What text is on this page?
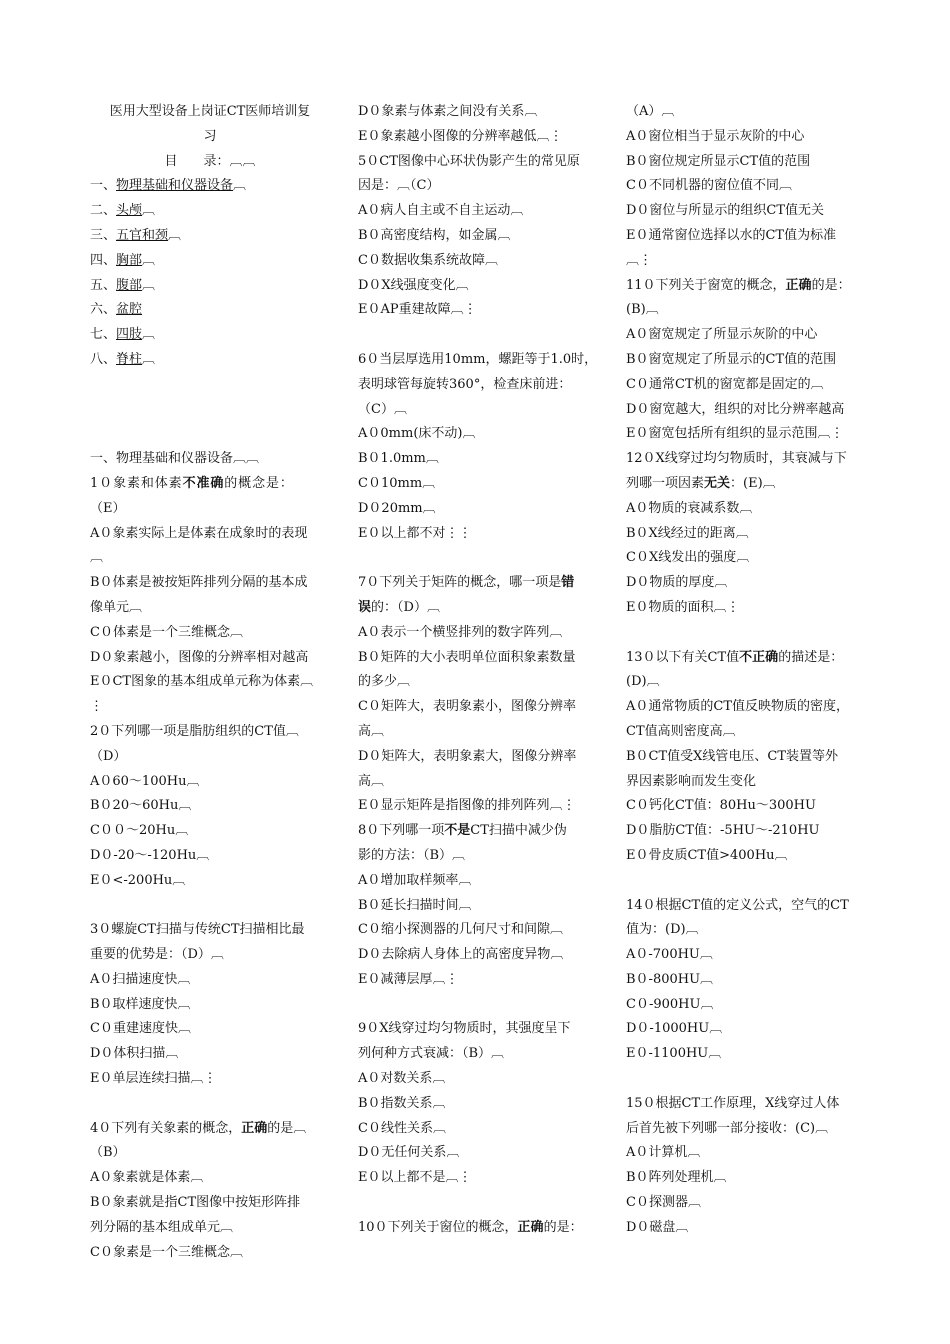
医用大型设备上岗证CT医师培训复
习
目　　录：︹︹
一、物理基础和仪器设备︹
二、头颅︹
三、五官和颈︹
四、胸部︹
五、腹部︹
六、盆腔
七、四肢︹
八、脊柱︹
一、物理基础和仪器设备︹︹
1０象素和体素不准确的概念是：
（E）
A０象素实际上是体素在成象时的表现
︹
B０体素是被按矩阵排列分隔的基本成
像单元︹
C０体素是一个三维概念︹
D０象素越小，图像的分辨率相对越高
E０CT图象的基本组成单元称为体素︹
⋮
2０下列哪一项是脂肪组织的CT值︹
（D）
A０60～100Hu︹
B０20～60Hu︹
C００～20Hu︹
D０-20～-120Hu︹
E０<-200Hu︹
3０螺旋CT扫描与传统CT扫描相比最
重要的优势是：（D）︹
A０扫描速度快︹
B０取样速度快︹
C０重建速度快︹
D０体积扫描︹
E０单层连续扫描︹⋮
4０下列有关象素的概念，正确的是︹
（B）
A０象素就是体素︹
B０象素就是指CT图像中按矩形阵排
列分隔的基本组成单元︹
C０象素是一个三维概念︹
D０象素与体素之间没有关系︹
E０象素越小图像的分辨率越低︹⋮
5０CT图像中心环状伪影产生的常见原
因是：︹（C）
A０病人自主或不自主运动︹
B０高密度结构，如金属︹
C０数据收集系统故障︹
D０X线强度变化︹
E０AP重建故障︹⋮
6０当层厚选用10mm，螺距等于1.0时，
表明球管每旋转360°，检查床前进：
（C）︹
A０0mm(床不动)︹
B０1.0mm︹
C０10mm︹
D０20mm︹
E０以上都不对⋮⋮
7０下列关于矩阵的概念，哪一项是错
误的：（D）︹
A０表示一个横竖排列的数字阵列︹
B０矩阵的大小表明单位面积象素数量
的多少︹
C０矩阵大，表明象素小，图像分辨率
高︹
D０矩阵大，表明象素大，图像分辨率
高︹
E０显示矩阵是指图像的排列阵列︹⋮
8０下列哪一项不是CT扫描中减少伪
影的方法：（B）︹
A０增加取样频率︹
B０延长扫描时间︹
C０缩小探测器的几何尺寸和间隙︹
D０去除病人身体上的高密度异物︹
E０减薄层厚︹⋮
9０X线穿过均匀物质时，其强度呈下
列何种方式衰减：（B）︹
A０对数关系︹
B０指数关系︹
C０线性关系︹
D０无任何关系︹
E０以上都不是︹⋮
10０下列关于窗位的概念，正确的是：
（A）︹
A０窗位相当于显示灰阶的中心
B０窗位规定所显示CT值的范围
C０不同机器的窗位值不同︹
D０窗位与所显示的组织CT值无关
E０通常窗位选择以水的CT值为标准
︹⋮
11０下列关于窗宽的概念，正确的是：
(B)︹
A０窗宽规定了所显示灰阶的中心
B０窗宽规定了所显示的CT值的范围
C０通常CT机的窗宽都是固定的︹
D０窗宽越大，组织的对比分辨率越高
E０窗宽包括所有组织的显示范围︹⋮
12０X线穿过均匀物质时，其衰减与下
列哪一项因素无关：(E)︹
A０物质的衰减系数︹
B０X线经过的距离︹
C０X线发出的强度︹
D０物质的厚度︹
E０物质的面积︹⋮
13０以下有关CT值不正确的描述是：
(D)︹
A０通常物质的CT值反映物质的密度，
CT值高则密度高︹
B０CT值受X线管电压、CT装置等外
界因素影响而发生变化
C０钙化CT值：80Hu～300HU
D０脂肪CT值：-5HU～-210HU
E０骨皮质CT值>400Hu︹
14０根据CT值的定义公式，空气的CT
值为：(D)︹
A０-700HU︹
B０-800HU︹
C０-900HU︹
D０-1000HU︹
E０-1100HU︹
15０根据CT工作原理，X线穿过人体
后首先被下列哪一部分接收：(C)︹
A０计算机︹
B０阵列处理机︹
C０探测器︹
D０磁盘︹
